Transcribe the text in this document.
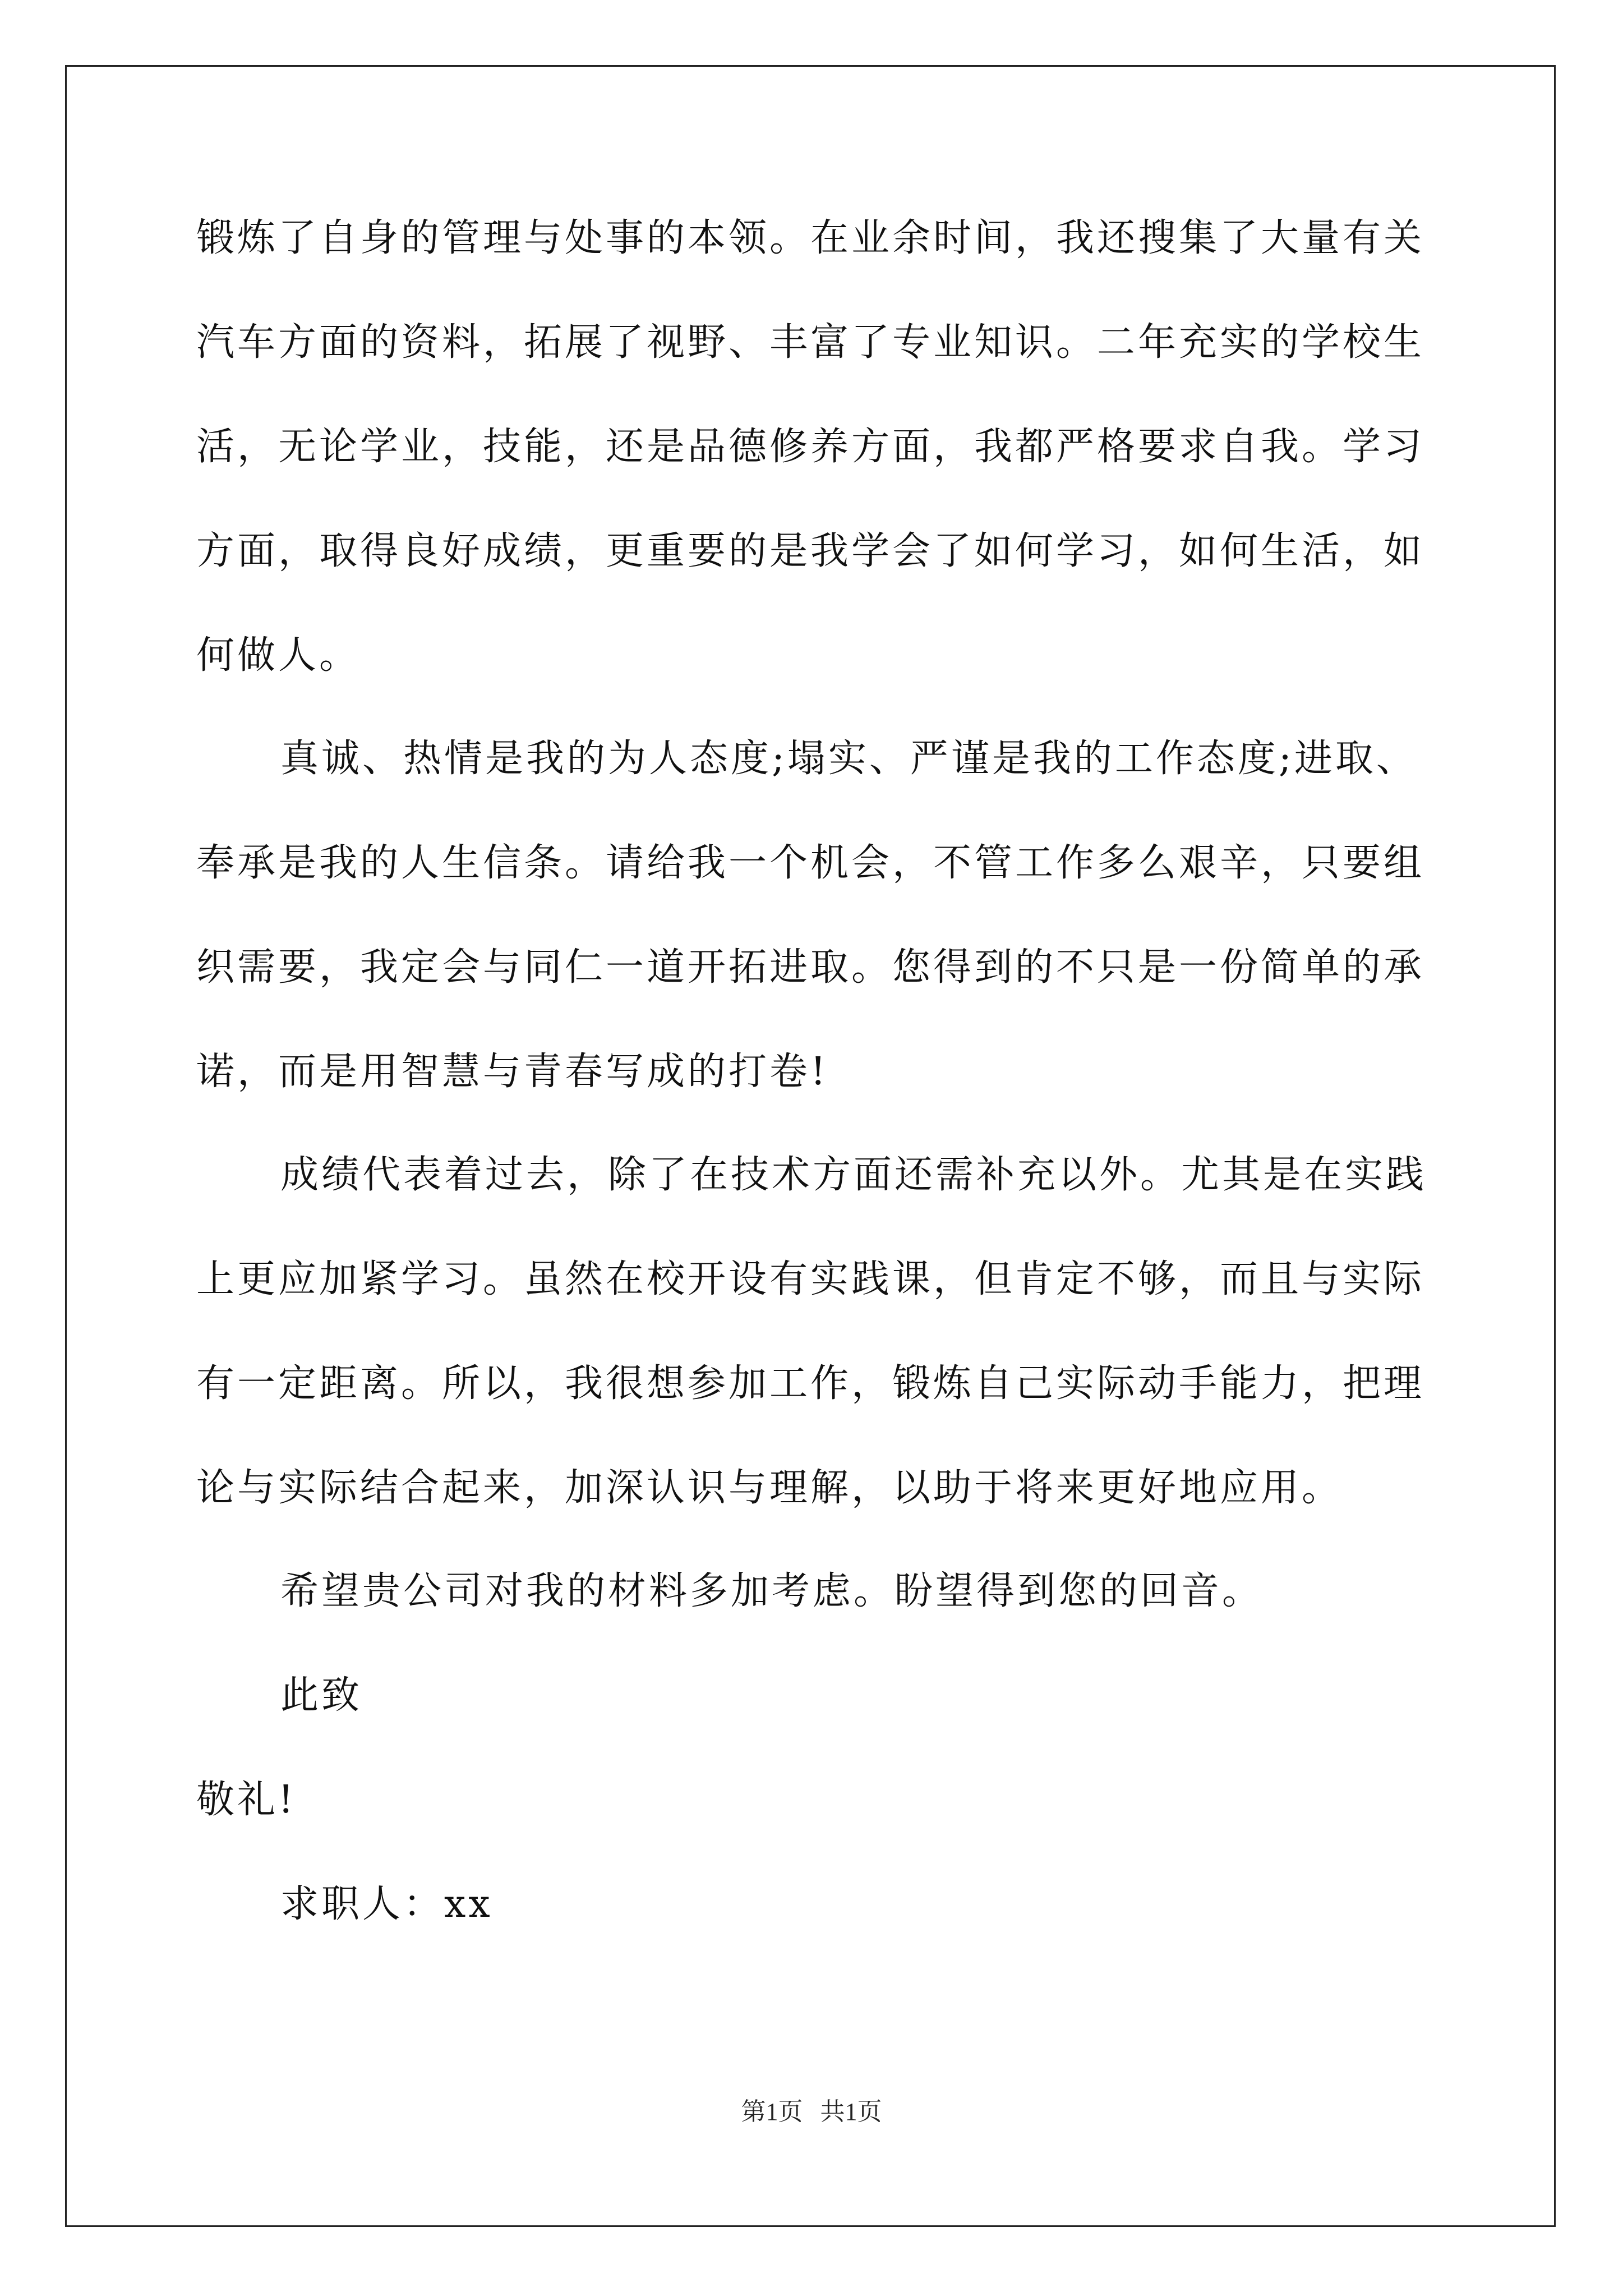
锻炼了自身的管理与处事的本领。在业余时间，我还搜集了大量有关
汽车方面的资料，拓展了视野、丰富了专业知识。二年充实的学校生
活，无论学业，技能，还是品德修养方面，我都严格要求自我。学习
方面，取得良好成绩，更重要的是我学会了如何学习，如何生活，如
何做人。
真诚、热情是我的为人态度;塌实、严谨是我的工作态度;进取、
奉承是我的人生信条。请给我一个机会，不管工作多么艰辛，只要组
织需要，我定会与同仁一道开拓进取。您得到的不只是一份简单的承
诺，而是用智慧与青春写成的打卷!
成绩代表着过去，除了在技术方面还需补充以外。尤其是在实践
上更应加紧学习。虽然在校开设有实践课，但肯定不够，而且与实际
有一定距离。所以，我很想参加工作，锻炼自己实际动手能力，把理
论与实际结合起来，加深认识与理解，以助于将来更好地应用。
希望贵公司对我的材料多加考虑。盼望得到您的回音。
此致
敬礼!
求职人：xx
第1页 共1页
